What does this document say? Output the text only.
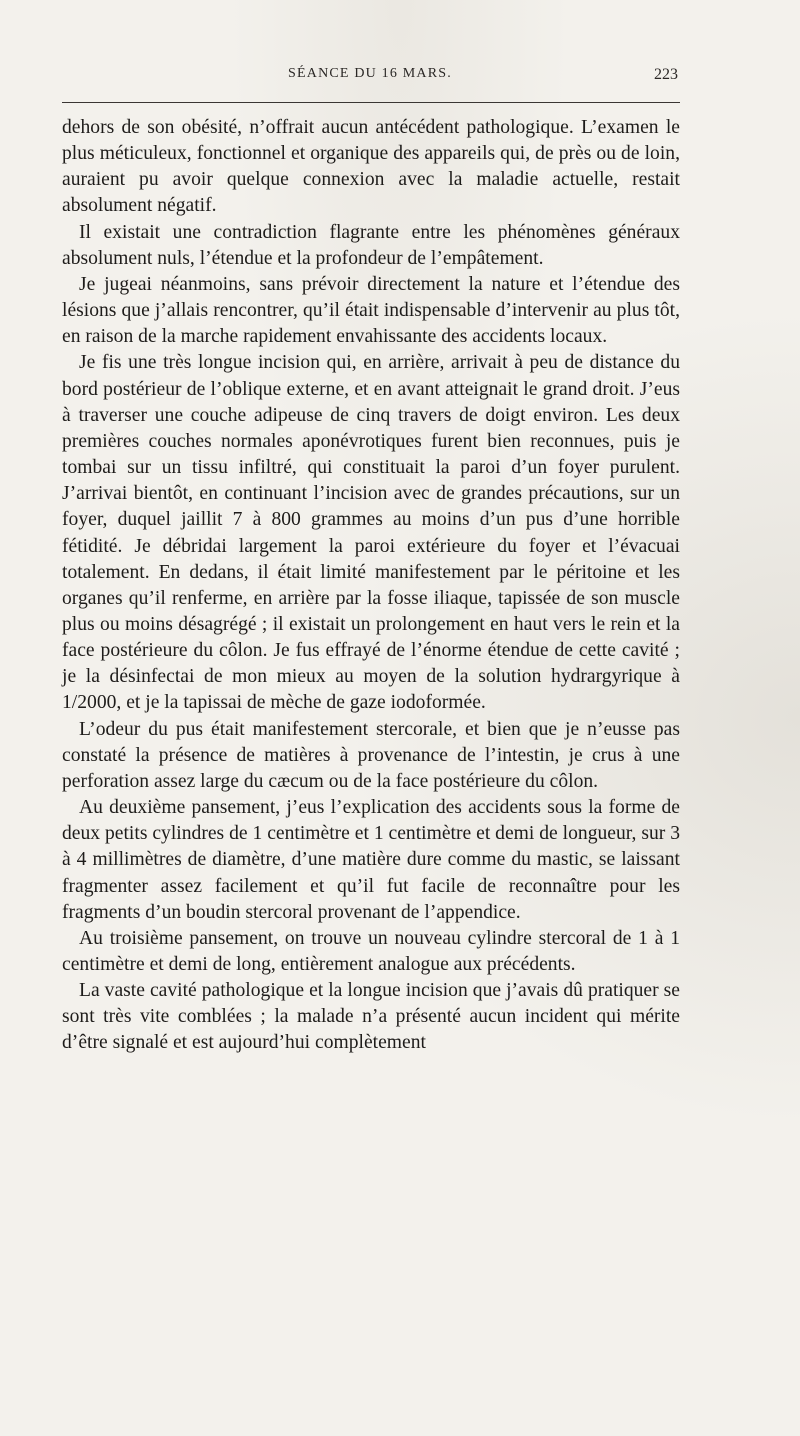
SÉANCE DU 16 MARS.	223

dehors de son obésité, n’offrait aucun antécédent pathologique. L’examen le plus méticuleux, fonctionnel et organique des appareils qui, de près ou de loin, auraient pu avoir quelque connexion avec la maladie actuelle, restait absolument négatif.

Il existait une contradiction flagrante entre les phénomènes généraux absolument nuls, l’étendue et la profondeur de l’empâtement.

Je jugeai néanmoins, sans prévoir directement la nature et l’étendue des lésions que j’allais rencontrer, qu’il était indispensable d’intervenir au plus tôt, en raison de la marche rapidement envahissante des accidents locaux.

Je fis une très longue incision qui, en arrière, arrivait à peu de distance du bord postérieur de l’oblique externe, et en avant atteignait le grand droit. J’eus à traverser une couche adipeuse de cinq travers de doigt environ. Les deux premières couches normales aponévrotiques furent bien reconnues, puis je tombai sur un tissu infiltré, qui constituait la paroi d’un foyer purulent. J’arrivai bientôt, en continuant l’incision avec de grandes précautions, sur un foyer, duquel jaillit 7 à 800 grammes au moins d’un pus d’une horrible fétidité. Je débridai largement la paroi extérieure du foyer et l’évacuai totalement. En dedans, il était limité manifestement par le péritoine et les organes qu’il renferme, en arrière par la fosse iliaque, tapissée de son muscle plus ou moins désagrégé ; il existait un prolongement en haut vers le rein et la face postérieure du côlon. Je fus effrayé de l’énorme étendue de cette cavité ; je la désinfectai de mon mieux au moyen de la solution hydrargyrique à 1/2000, et je la tapissai de mèche de gaze iodoformée.

L’odeur du pus était manifestement stercorale, et bien que je n’eusse pas constaté la présence de matières à provenance de l’intestin, je crus à une perforation assez large du cæcum ou de la face postérieure du côlon.

Au deuxième pansement, j’eus l’explication des accidents sous la forme de deux petits cylindres de 1 centimètre et 1 centimètre et demi de longueur, sur 3 à 4 millimètres de diamètre, d’une matière dure comme du mastic, se laissant fragmenter assez facilement et qu’il fut facile de reconnaître pour les fragments d’un boudin stercoral provenant de l’appendice.

Au troisième pansement, on trouve un nouveau cylindre stercoral de 1 à 1 centimètre et demi de long, entièrement analogue aux précédents.

La vaste cavité pathologique et la longue incision que j’avais dû pratiquer se sont très vite comblées ; la malade n’a présenté aucun incident qui mérite d’être signalé et est aujourd’hui complètement
